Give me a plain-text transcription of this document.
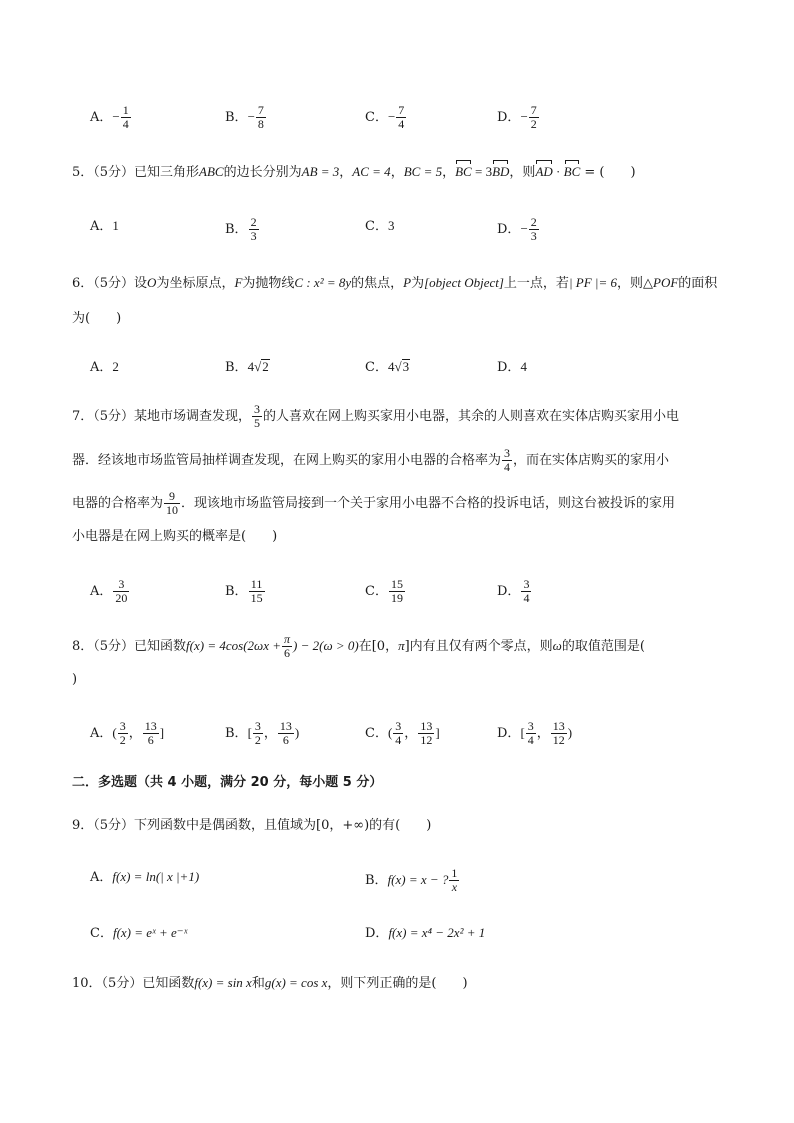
A．− $\frac{1}{4}$	B．− $\frac{7}{8}$	C．− $\frac{7}{4}$	D．− $\frac{7}{2}$
5．（5分）已知三角形ABC的边长分别为AB = 3，AC = 4，BC = 5，BC = 3BD，则AD · BC = (　　)
A．1	B． $\frac{2}{3}$	C．3	D．− $\frac{2}{3}$
6．（5分）设O为坐标原点，F为抛物线C : x² = 8y的焦点，P为[object Object]上一点，若| PF |= 6，则△POF的面积
为(　　)
A．2	B．4√2	C．4√3	D．4
7．（5分）某地市场调查发现， $\frac{3}{5}$ 的人喜欢在网上购买家用小电器，其余的人则喜欢在实体店购买家用小电
器．经该地市场监管局抽样调查发现，在网上购买的家用小电器的合格率为 $\frac{3}{4}$ ，而在实体店购买的家用小
电器的合格率为 $\frac{9}{10}$ ．现该地市场监管局接到一个关于家用小电器不合格的投诉电话，则这台被投诉的家用
小电器是在网上购买的概率是(　　)
A． $\frac{3}{20}$	B． $\frac{11}{15}$	C． $\frac{15}{19}$	D． $\frac{3}{4}$
8．（5分）已知函数$f(x) = 4\cos(2\omega x + \frac{\pi}{6}$ ) − 2(ω > 0)在[0，π]内有且仅有两个零点，则ω的取值范围是(
)
A．( $\frac{3}{2}$ ， $\frac{13}{6}$ ]	B．[ $\frac{3}{2}$ ， $\frac{13}{6}$ )	C．( $\frac{3}{4}$ ， $\frac{13}{12}$ ]	D．[ $\frac{3}{4}$ ， $\frac{13}{12}$ )
二．多选题（共 4 小题，满分 20 分，每小题 5 分）
9．（5分）下列函数中是偶函数，且值域为[0，+∞)的有(　　)
A．f(x) = ln(| x |+1)	B．f(x) = x − ? $\frac{1}{x}$
C．f(x) = eˣ + e⁻ˣ	D．f(x) = x⁴ − 2x² + 1
10．（5分）已知函数f(x) = sin x和g(x) = cos x，则下列正确的是(　　)
